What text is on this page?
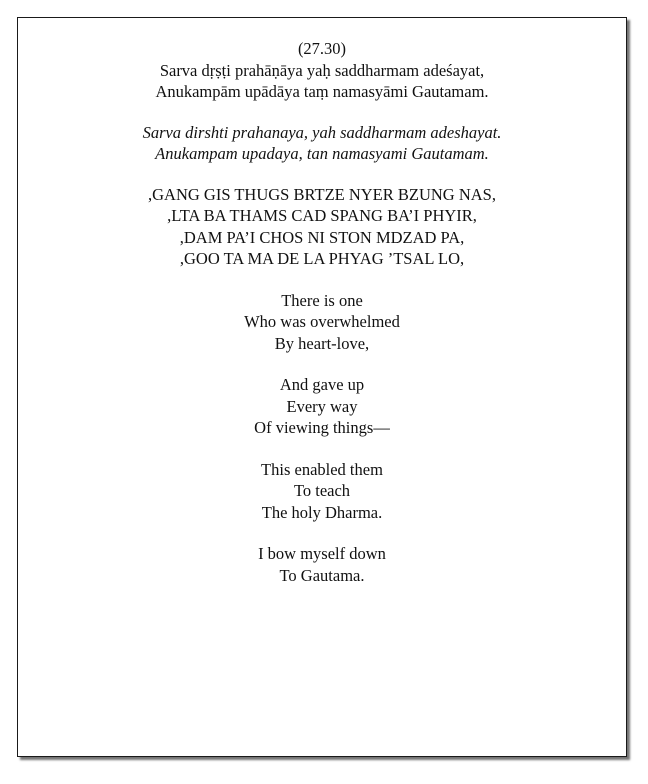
(27.30)

Sarva dṛṣṭi prahāṇāya yaḥ saddharmam adeśayat,

Anukampām upādāya taṃ namasyāmi Gautamam.

Sarva dirshti prahanaya, yah saddharmam adeshayat.

Anukampam upadaya, tan namasyami Gautamam.

,GANG GIS THUGS BRTZE NYER BZUNG NAS,

,LTA BA THAMS CAD SPANG BA’I PHYIR,

,DAM PA’I CHOS NI STON MDZAD PA,

,GOO TA MA DE LA PHYAG ’TSAL LO,

There is one

Who was overwhelmed

By heart-love,

And gave up

Every way

Of viewing things—

This enabled them

To teach

The holy Dharma.

I bow myself down

To Gautama.
